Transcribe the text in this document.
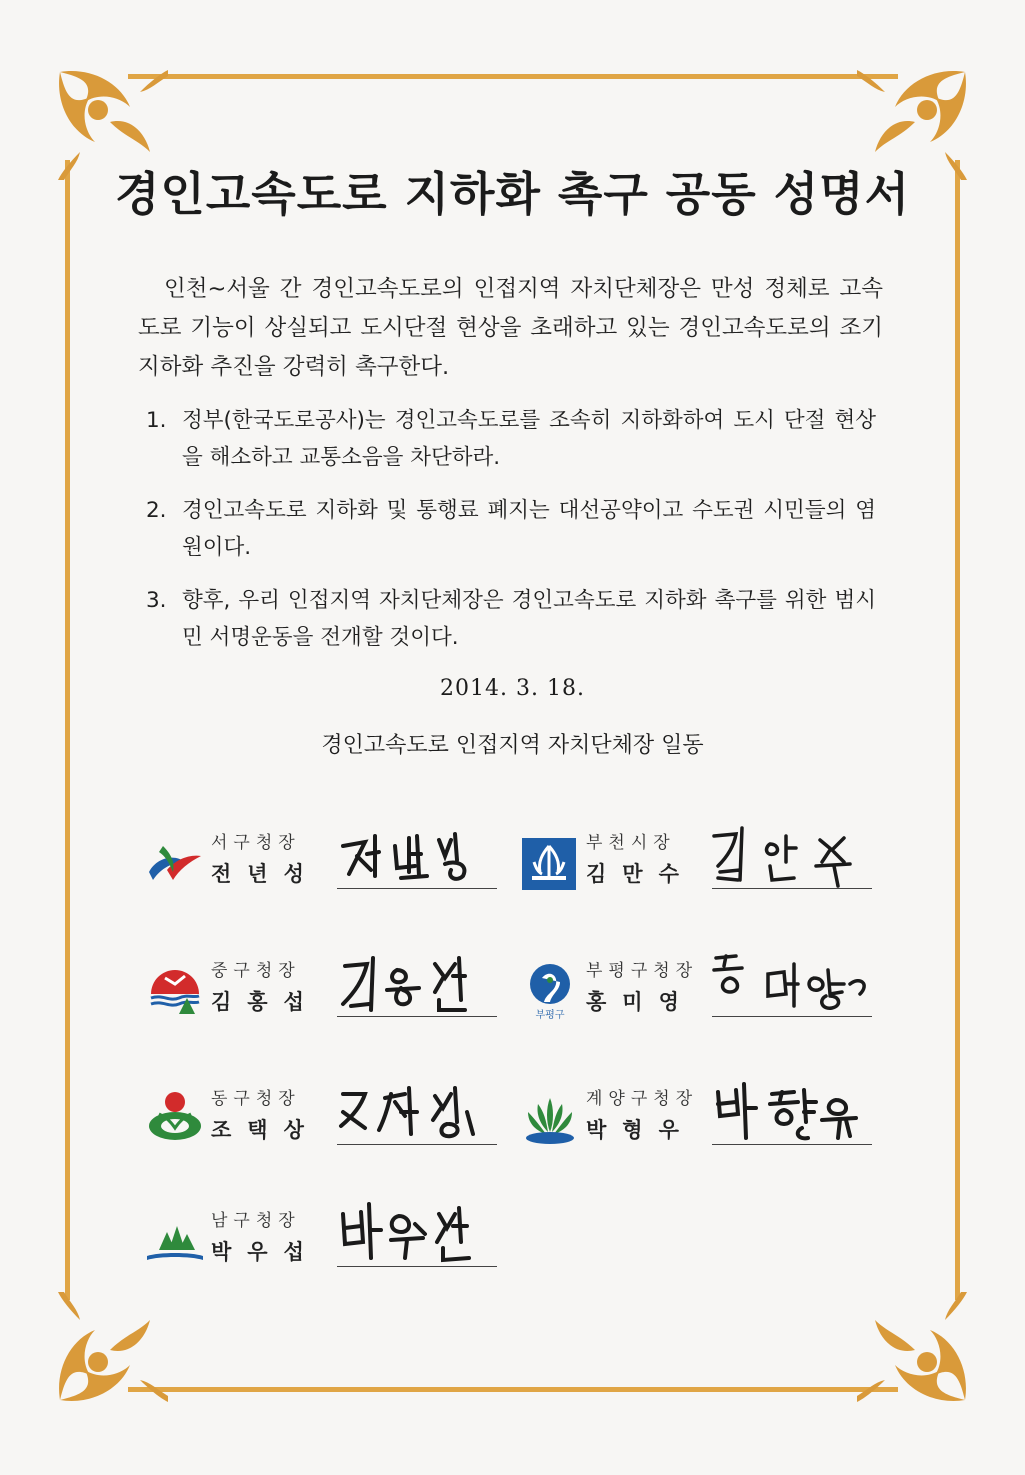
경인고속도로 지하화 촉구 공동 성명서
인천~서울 간 경인고속도로의 인접지역 자치단체장은 만성 정체로 고속도로 기능이 상실되고 도시단절 현상을 초래하고 있는 경인고속도로의 조기 지하화 추진을 강력히 촉구한다.
1. 정부(한국도로공사)는 경인고속도로를 조속히 지하화하여 도시 단절 현상을 해소하고 교통소음을 차단하라.
2. 경인고속도로 지하화 및 통행료 폐지는 대선공약이고 수도권 시민들의 염원이다.
3. 향후, 우리 인접지역 자치단체장은 경인고속도로 지하화 촉구를 위한 범시민 서명운동을 전개할 것이다.
2014. 3. 18.
경인고속도로 인접지역 자치단체장 일동
서구청장
전년성
부천시장
김만수
중구청장
김홍섭
부평구
부평구청장
홍미영
동구청장
조택상
계양구청장
박형우
남구청장
박우섭
